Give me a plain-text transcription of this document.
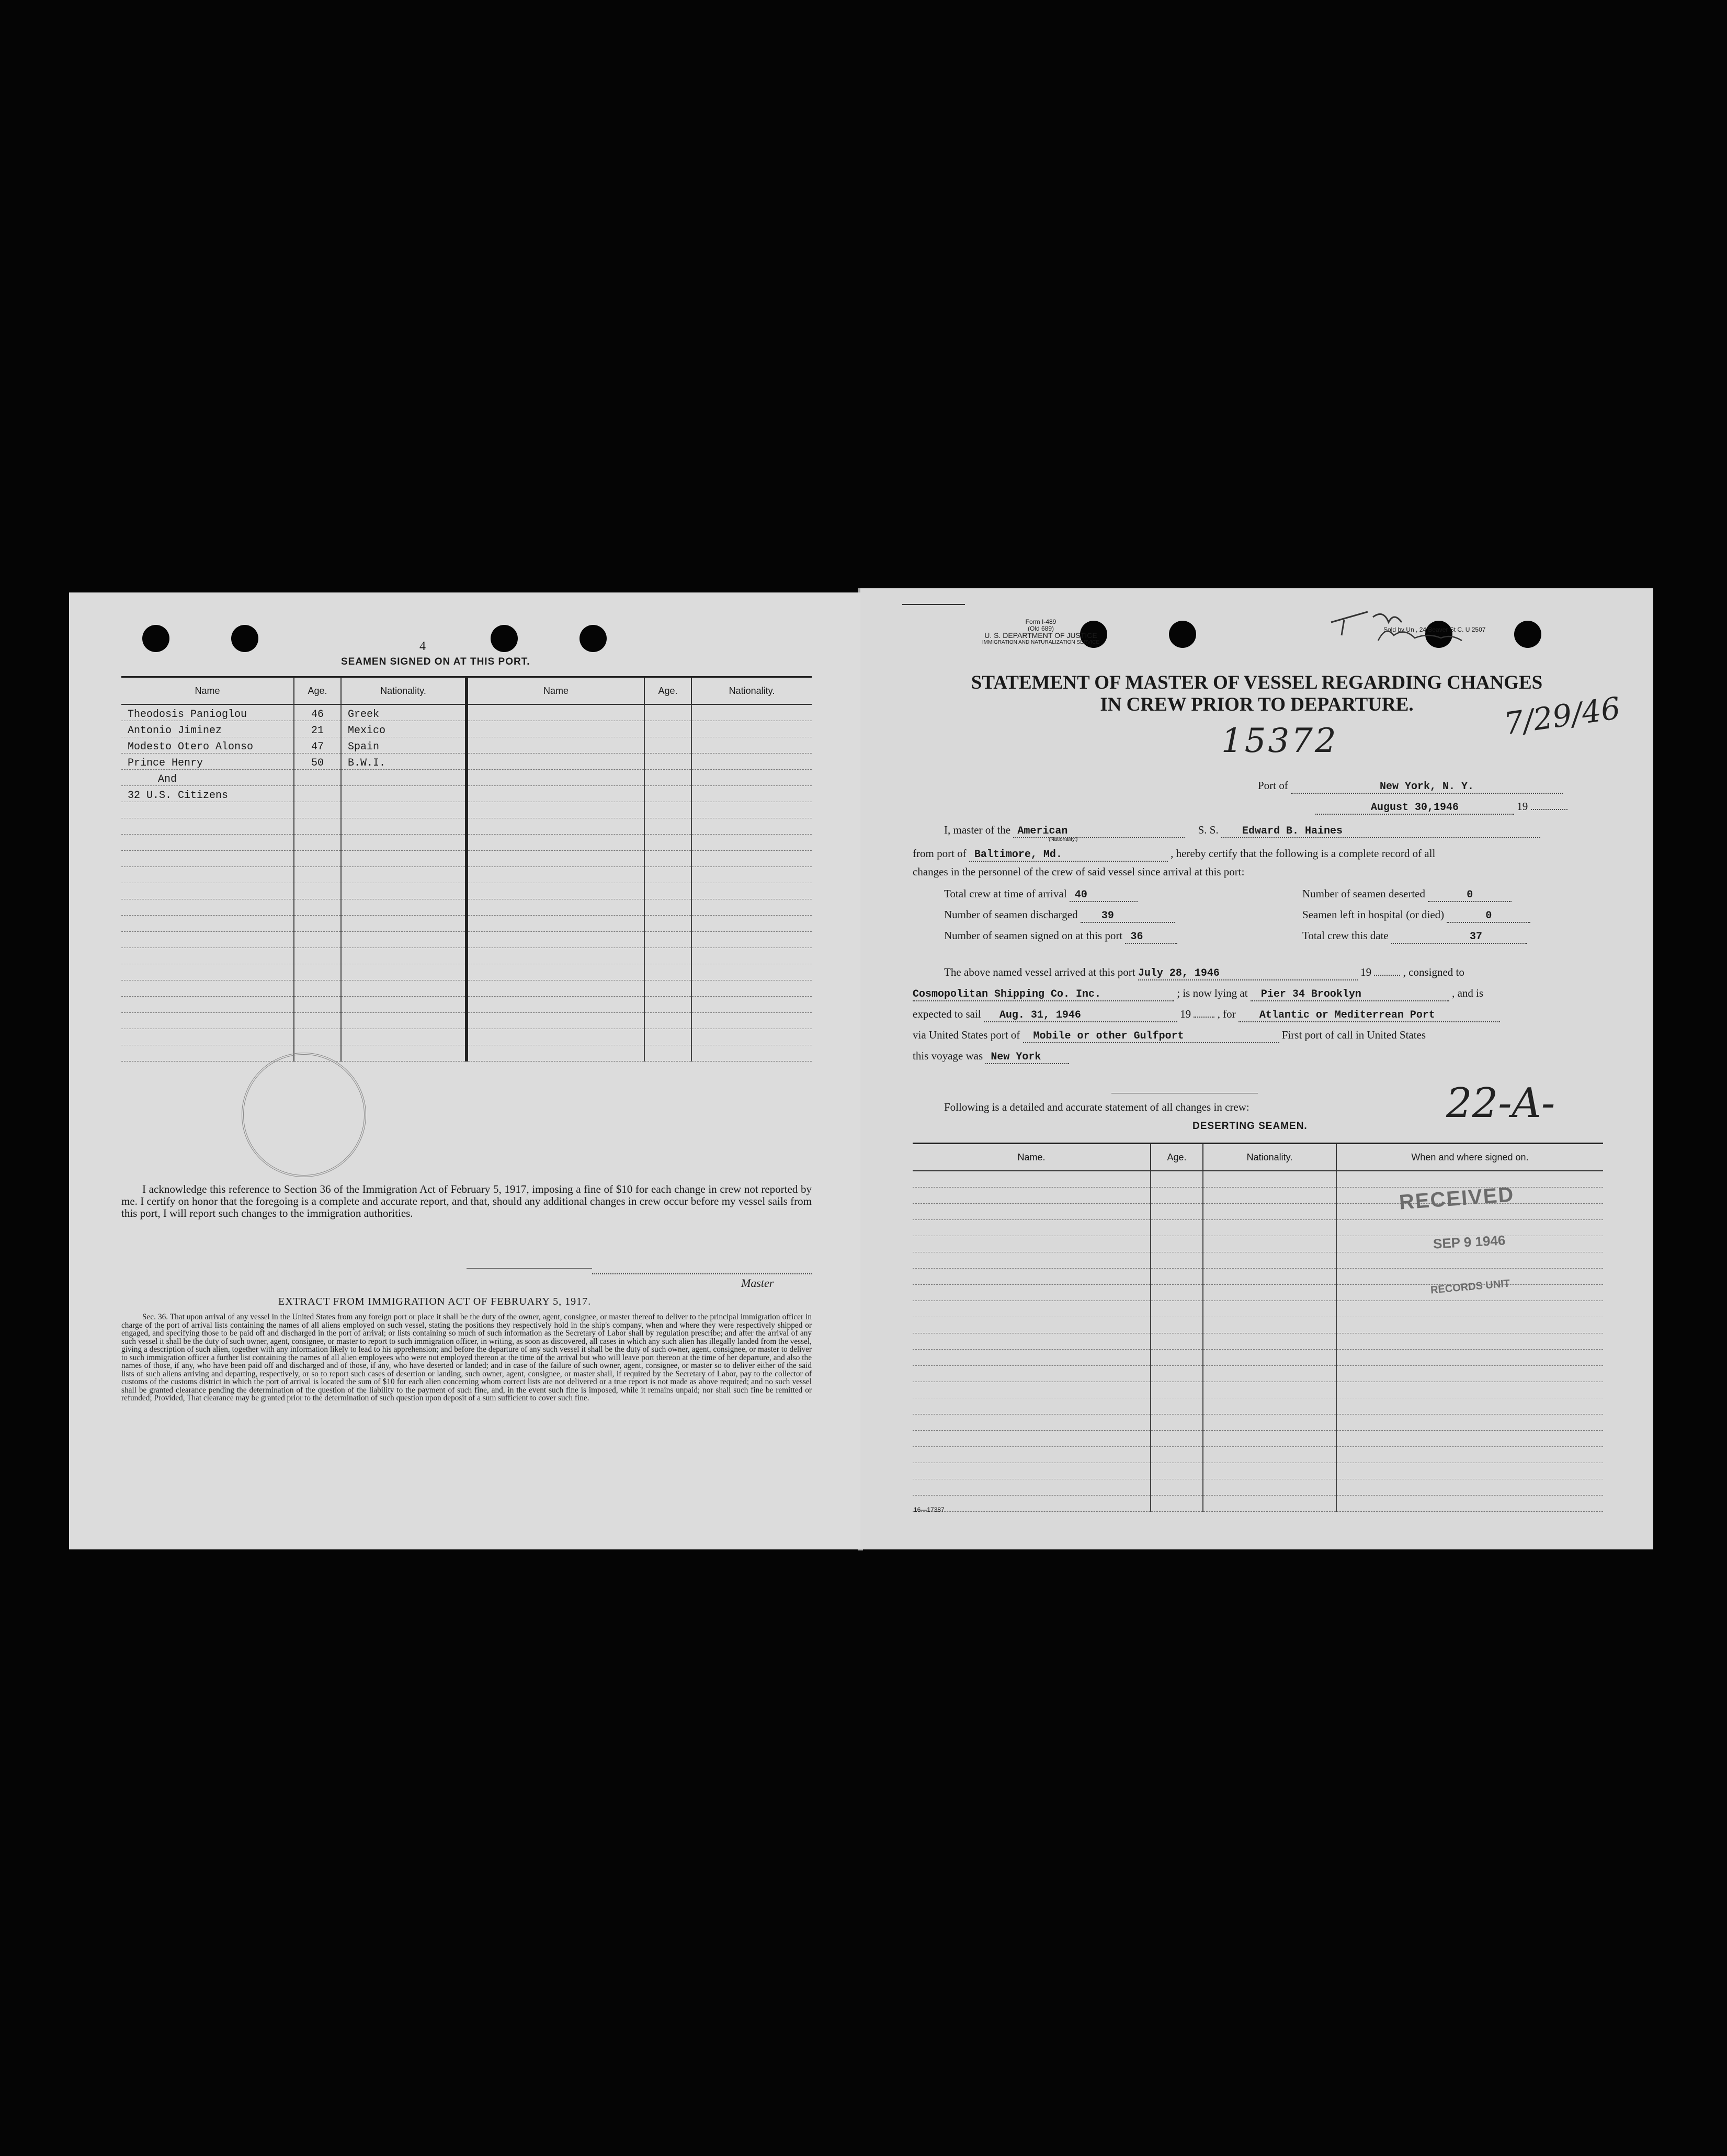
4
SEAMEN SIGNED ON AT THIS PORT.
Name	Age.	Nationality.	Name	Age.	Nationality.
Theodosis Panioglou	46	Greek			
Antonio Jiminez	21	Mexico			
Modesto Otero Alonso	47	Spain			
Prince Henry	50	B.W.I.			
And					
32 U.S. Citizens					

I acknowledge this reference to Section 36 of the Immigration Act of February 5, 1917, imposing a fine of $10 for each change in crew not reported by me. I certify on honor that the foregoing is a complete and accurate report, and that, should any additional changes in crew occur before my vessel sails from this port, I will report such changes to the immigration authorities.
Master
EXTRACT FROM IMMIGRATION ACT OF FEBRUARY 5, 1917.
Sec. 36. That upon arrival of any vessel in the United States from any foreign port or place it shall be the duty of the owner, agent, consignee, or master thereof to deliver to the principal immigration officer in charge of the port of arrival lists containing the names of all aliens employed on such vessel, stating the positions they respectively hold in the ship's company, when and where they were respectively shipped or engaged, and specifying those to be paid off and discharged in the port of arrival; or lists containing so much of such information as the Secretary of Labor shall by regulation prescribe; and after the arrival of any such vessel it shall be the duty of such owner, agent, consignee, or master to report to such immigration officer, in writing, as soon as discovered, all cases in which any such alien has illegally landed from the vessel, giving a description of such alien, together with any information likely to lead to his apprehension; and before the departure of any such vessel it shall be the duty of such owner, agent, consignee, or master to deliver to such immigration officer a further list containing the names of all alien employees who were not employed thereon at the time of the arrival but who will leave port thereon at the time of her departure, and also the names of those, if any, who have been paid off and discharged and of those, if any, who have deserted or landed; and in case of the failure of such owner, agent, consignee, or master so to deliver either of the said lists of such aliens arriving and departing, respectively, or so to report such cases of desertion or landing, such owner, agent, consignee, or master shall, if required by the Secretary of Labor, pay to the collector of customs of the customs district in which the port of arrival is located the sum of $10 for each alien concerning whom correct lists are not delivered or a true report is not made as above required; and no such vessel shall be granted clearance pending the determination of the question of the liability to the payment of such fine, and, in the event such fine is imposed, while it remains unpaid; nor shall such fine be remitted or refunded; Provided, That clearance may be granted prior to the determination of such question upon deposit of a sum sufficient to cover such fine.
Form I-489
(Old 689)
U. S. DEPARTMENT OF JUSTICE
IMMIGRATION AND NATURALIZATION SERVICE
Sold by Un , 24 Beaver St C. U 2507
STATEMENT OF MASTER OF VESSEL REGARDING CHANGES
IN CREW PRIOR TO DEPARTURE.
15372	7/29/46
Port of	New York, N. Y.
August 30,1946	19
I, master of the American	S. S. Edward B. Haines
(Nationality.)
from port of Baltimore, Md.	, hereby certify that the following is a complete record of all
changes in the personnel of the crew of said vessel since arrival at this port:
Total crew at time of arrival 40
Number of seamen discharged 39
Number of seamen signed on at this port 36
Number of seamen deserted	0
Seamen left in hospital (or died)	0
Total crew this date	37
The above named vessel arrived at this port July 28, 1946	19	, consigned to
Cosmopolitan Shipping Co. Inc.	; is now lying at Pier 34 Brooklyn	, and is
expected to sail Aug. 31, 1946	19 , for Atlantic or Mediterrean Port
via United States port of Mobile or other Gulfport	First port of call in United States
this voyage was New York
Following is a detailed and accurate statement of all changes in crew:	22-A-
DESERTING SEAMEN.
Name.	Age.	Nationality.	When and where signed on.

RECEIVED
SEP 9 1946
RECORDS UNIT
16—17387
